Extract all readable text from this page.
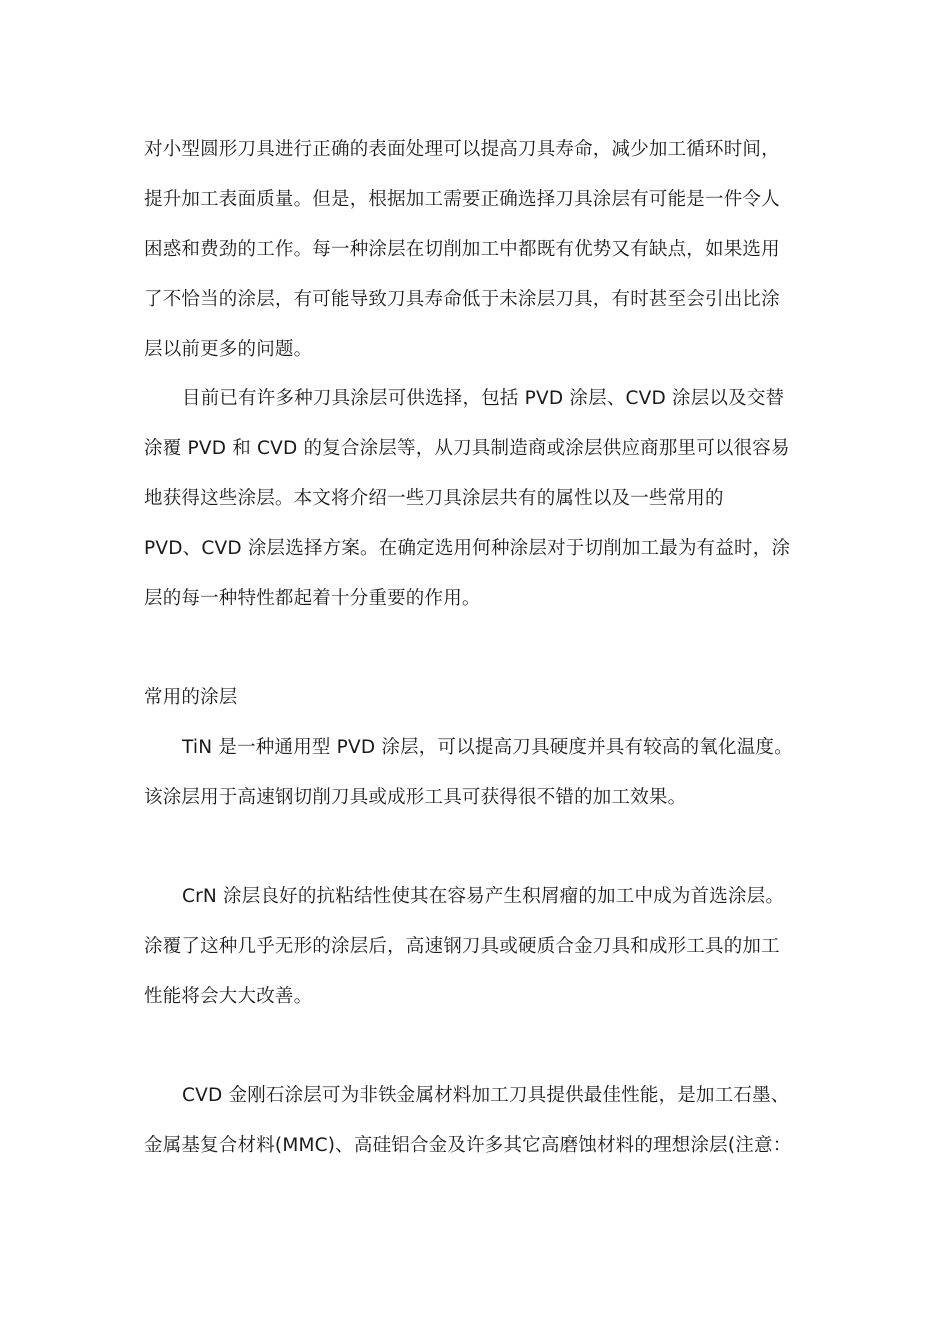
对小型圆形刀具进行正确的表面处理可以提高刀具寿命，减少加工循环时间，
提升加工表面质量。但是，根据加工需要正确选择刀具涂层有可能是一件令人
困惑和费劲的工作。每一种涂层在切削加工中都既有优势又有缺点，如果选用
了不恰当的涂层，有可能导致刀具寿命低于未涂层刀具，有时甚至会引出比涂
层以前更多的问题。
目前已有许多种刀具涂层可供选择，包括 PVD 涂层、CVD 涂层以及交替
涂覆 PVD 和 CVD 的复合涂层等，从刀具制造商或涂层供应商那里可以很容易
地获得这些涂层。本文将介绍一些刀具涂层共有的属性以及一些常用的
PVD、CVD 涂层选择方案。在确定选用何种涂层对于切削加工最为有益时，涂
层的每一种特性都起着十分重要的作用。
常用的涂层
TiN 是一种通用型 PVD 涂层，可以提高刀具硬度并具有较高的氧化温度。
该涂层用于高速钢切削刀具或成形工具可获得很不错的加工效果。
CrN 涂层良好的抗粘结性使其在容易产生积屑瘤的加工中成为首选涂层。
涂覆了这种几乎无形的涂层后，高速钢刀具或硬质合金刀具和成形工具的加工
性能将会大大改善。
CVD 金刚石涂层可为非铁金属材料加工刀具提供最佳性能，是加工石墨、
金属基复合材料(MMC)、高硅铝合金及许多其它高磨蚀材料的理想涂层(注意：
